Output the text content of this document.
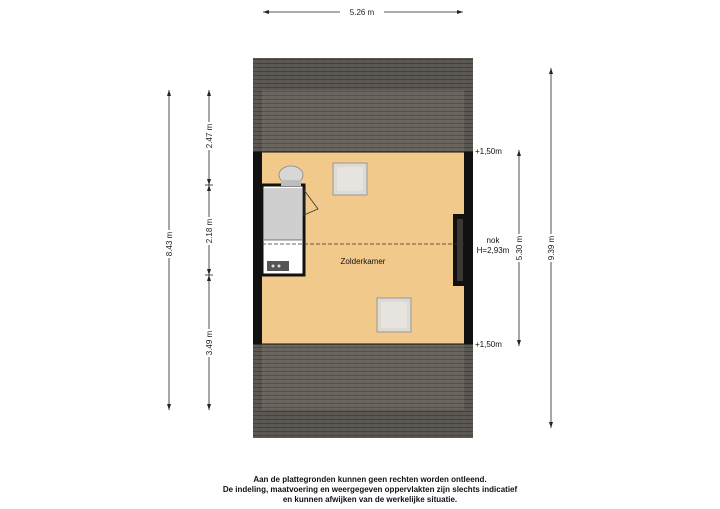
Zolderkamer
nok
H=2,93m
+1,50m
+1,50m
5.26 m
8.43 m
2.47 m
2.18 m
3.49 m
5.30 m	9.39 m
Aan de plattegronden kunnen geen rechten worden ontleend.
De indeling, maatvoering en weergegeven oppervlakten zijn slechts indicatief
en kunnen afwijken van de werkelijke situatie.
